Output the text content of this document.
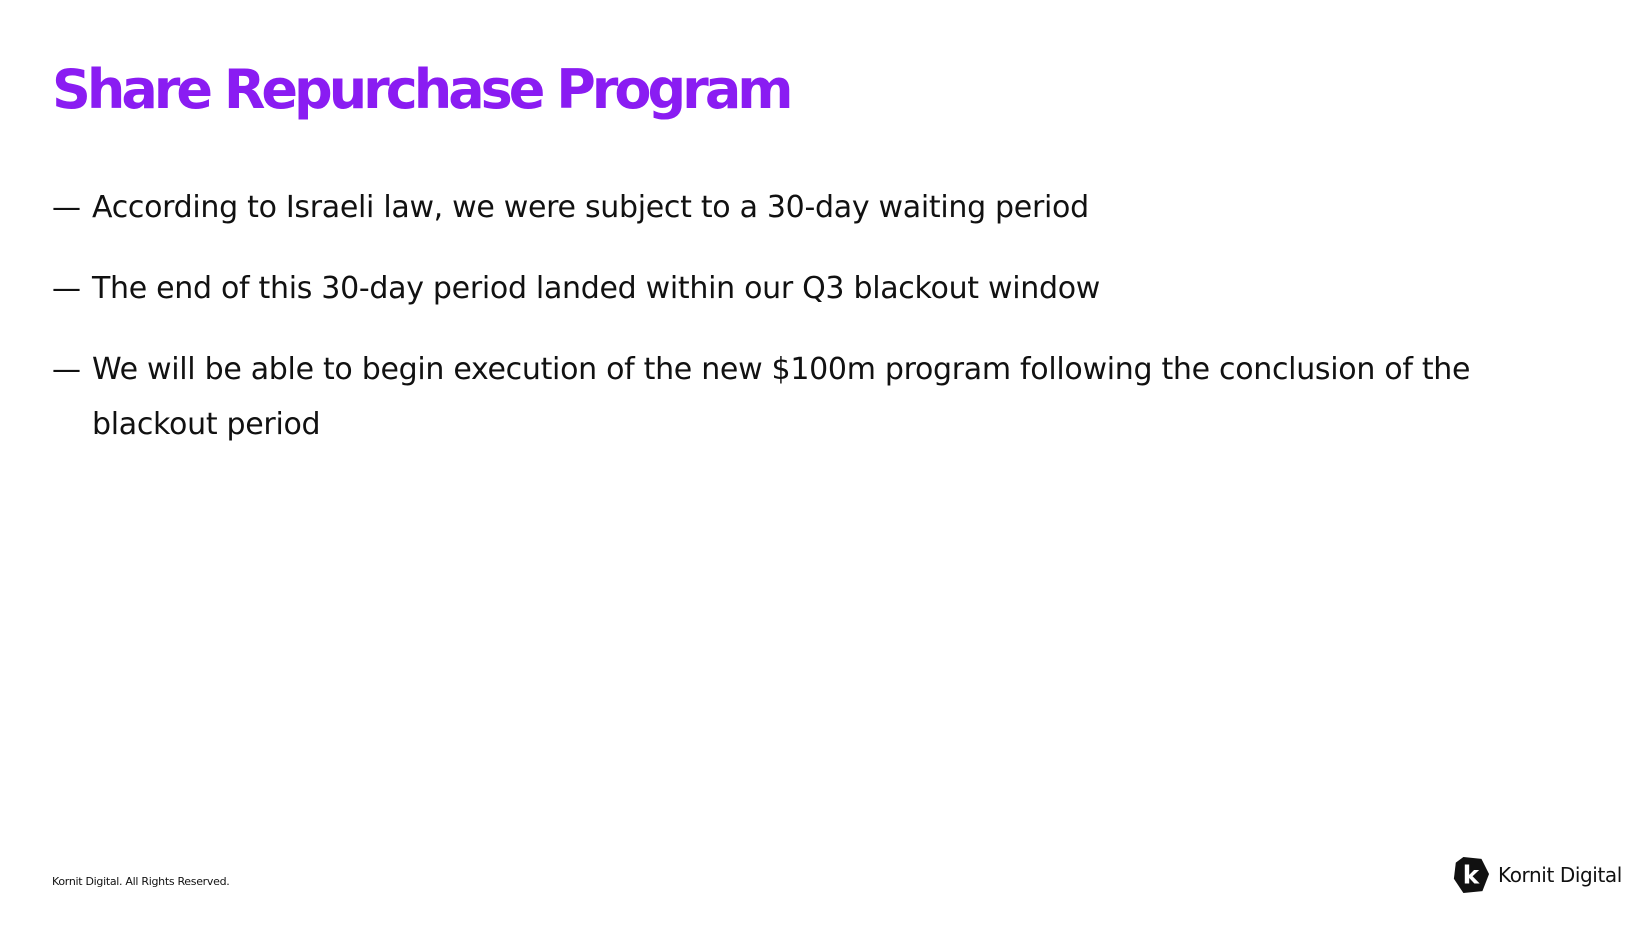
Share Repurchase Program
— According to Israeli law, we were subject to a 30-day waiting period
— The end of this 30-day period landed within our Q3 blackout window
— We will be able to begin execution of the new $100m program following the conclusion of the blackout period
Kornit Digital. All Rights Reserved.	k Kornit Digital
